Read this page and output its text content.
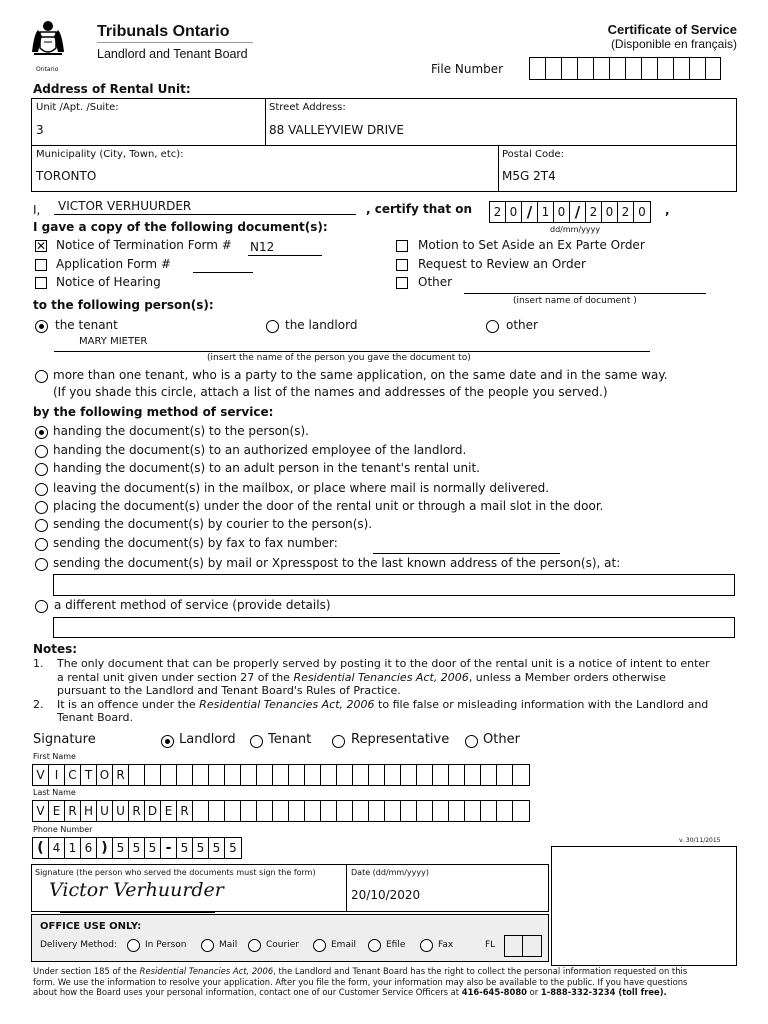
Ontario
Tribunals Ontario
Landlord and Tenant Board
Certificate of Service
(Disponible en français)
File Number
Address of Rental Unit:
Unit /Apt. /Suite:
3
Street Address:
88 VALLEYVIEW DRIVE
Municipality (City, Town, etc):
TORONTO
Postal Code:
M5G 2T4
I, VICTOR VERHUURDER	, certify that on	2 0 / 1 0 / 2 0 2 0	,
dd/mm/yyyy
I gave a copy of the following document(s):
✕ Notice of Termination Form # N12
Application Form #
Notice of Hearing
Motion to Set Aside an Ex Parte Order
Request to Review an Order
Other
(insert name of document )
to the following person(s):
the tenant	the landlord	other
MARY MIETER
(insert the name of the person you gave the document to)
more than one tenant, who is a party to the same application, on the same date and in the same way.
(If you shade this circle, attach a list of the names and addresses of the people you served.)
by the following method of service:
handing the document(s) to the person(s).
handing the document(s) to an authorized employee of the landlord.
handing the document(s) to an adult person in the tenant's rental unit.
leaving the document(s) in the mailbox, or place where mail is normally delivered.
placing the document(s) under the door of the rental unit or through a mail slot in the door.
sending the document(s) by courier to the person(s).
sending the document(s) by fax to fax number:
sending the document(s) by mail or Xpresspost to the last known address of the person(s), at:
a different method of service (provide details)
Notes:
1.	The only document that can be properly served by posting it to the door of the rental unit is a notice of intent to enter
a rental unit given under section 27 of the Residential Tenancies Act, 2006, unless a Member orders otherwise
pursuant to the Landlord and Tenant Board's Rules of Practice.
2.	It is an offence under the Residential Tenancies Act, 2006 to file false or misleading information with the Landlord and
Tenant Board.
Signature	Landlord Tenant	Representative	Other
First Name
V I C T O R
Last Name
V E R H U U R D E R
Phone Number
( 4 1 6 ) 5 5 5 - 5 5 5 5
v. 30/11/2015
Signature (the person who served the documents must sign the form)
Victor Verhuurder
Date (dd/mm/yyyy)
20/10/2020
OFFICE USE ONLY:
Delivery Method:	In Person	Mail	Courier	Email	Efile	Fax	FL
Under section 185 of the Residential Tenancies Act, 2006, the Landlord and Tenant Board has the right to collect the personal information requested on this
form. We use the information to resolve your application. After you file the form, your information may also be available to the public. If you have questions
about how the Board uses your personal information, contact one of our Customer Service Officers at 416-645-8080 or 1-888-332-3234 (toll free).
